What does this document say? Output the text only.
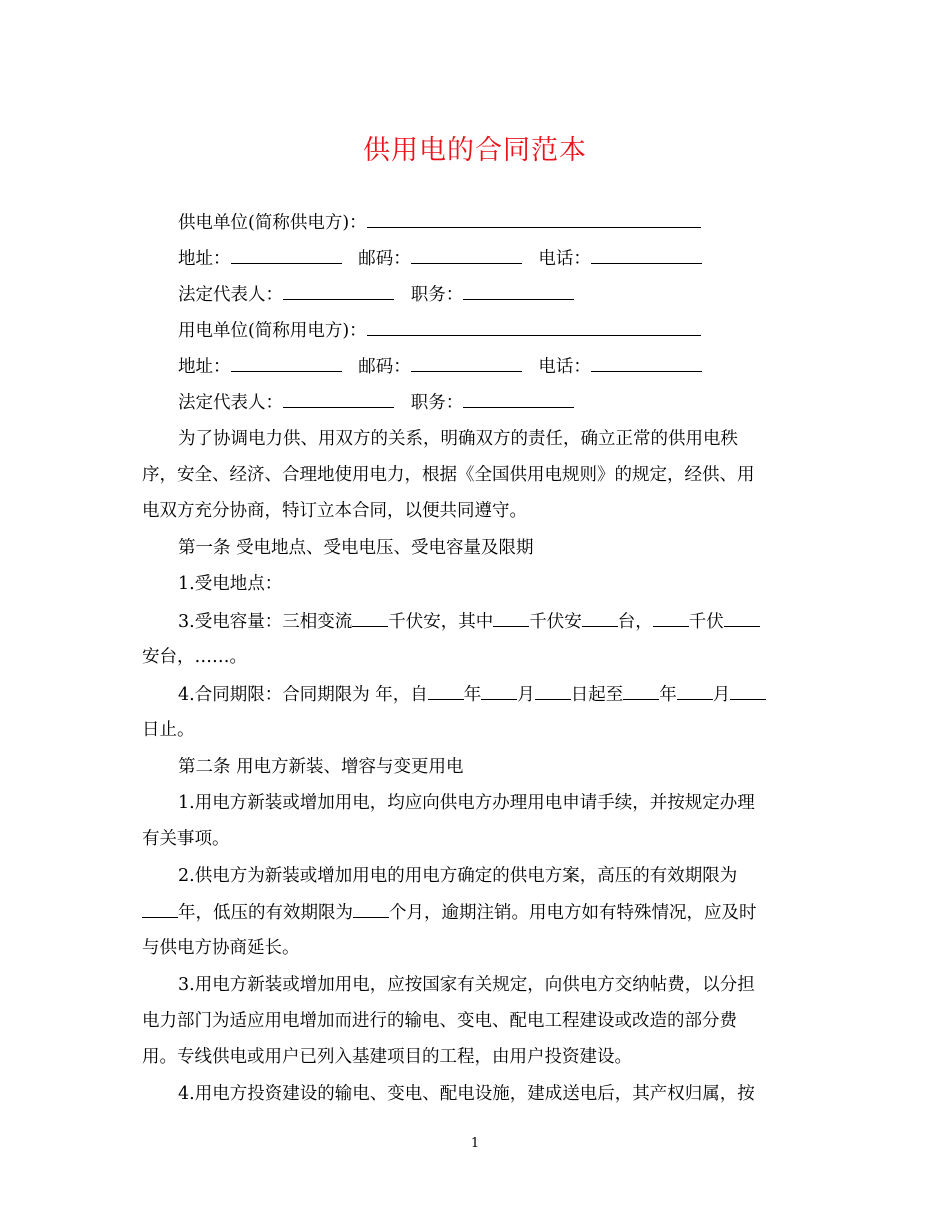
供用电的合同范本
供电单位(简称供电方)：
地址：	邮码：	电话：
法定代表人：	职务：
用电单位(简称用电方)：
地址：	邮码：	电话：
法定代表人：	职务：
为了协调电力供、用双方的关系，明确双方的责任，确立正常的供用电秩
序，安全、经济、合理地使用电力，根据《全国供用电规则》的规定，经供、用
电双方充分协商，特订立本合同，以便共同遵守。
第一条 受电地点、受电电压、受电容量及限期
1.受电地点：
3.受电容量：三相变流 千伏安，其中 千伏安 台， 千伏
安台，……。
4.合同期限：合同期限为 年，自 年 月 日起至 年 月
日止。
第二条 用电方新装、增容与变更用电
1.用电方新装或增加用电，均应向供电方办理用电申请手续，并按规定办理
有关事项。
2.供电方为新装或增加用电的用电方确定的供电方案，高压的有效期限为
年，低压的有效期限为 个月，逾期注销。用电方如有特殊情况，应及时
与供电方协商延长。
3.用电方新装或增加用电，应按国家有关规定，向供电方交纳帖费，以分担
电力部门为适应用电增加而进行的输电、变电、配电工程建设或改造的部分费
用。专线供电或用户已列入基建项目的工程，由用户投资建设。
4.用电方投资建设的输电、变电、配电设施，建成送电后，其产权归属，按
1
